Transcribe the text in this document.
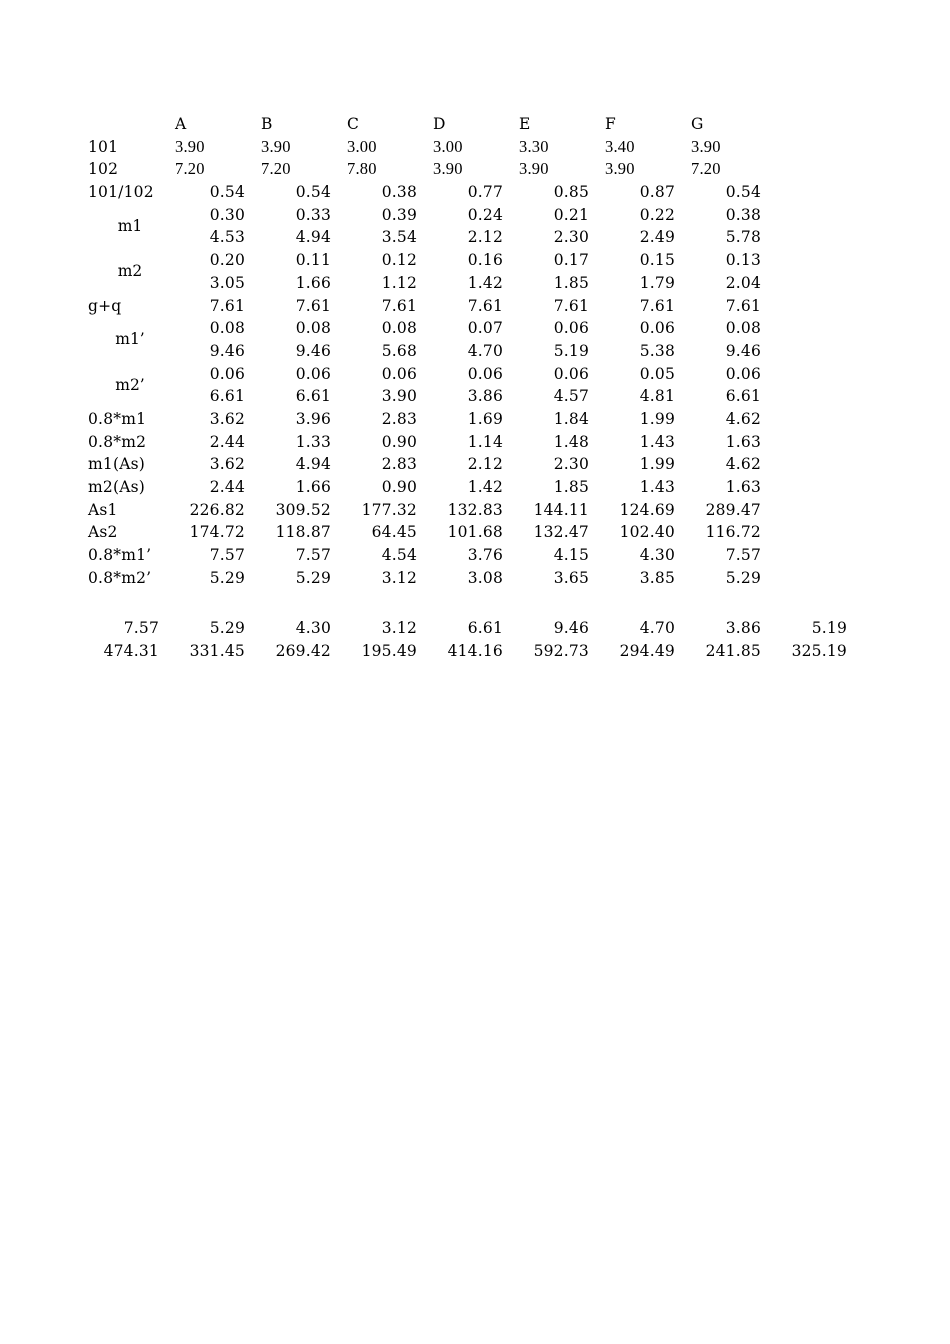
A	B	C	D	E	F	G
101	3.90	3.90	3.00	3.00	3.30	3.40	3.90
102	7.20	7.20	7.80	3.90	3.90	3.90	7.20
101/102	0.54	0.54	0.38	0.77	0.85	0.87	0.54
m1
0.30	0.33	0.39	0.24	0.21	0.22	0.38
4.53	4.94	3.54	2.12	2.30	2.49	5.78
m2
0.20	0.11	0.12	0.16	0.17	0.15	0.13
3.05	1.66	1.12	1.42	1.85	1.79	2.04
g+q	7.61	7.61	7.61	7.61	7.61	7.61	7.61
m1’
0.08	0.08	0.08	0.07	0.06	0.06	0.08
9.46	9.46	5.68	4.70	5.19	5.38	9.46
m2’
0.06	0.06	0.06	0.06	0.06	0.05	0.06
6.61	6.61	3.90	3.86	4.57	4.81	6.61
0.8*m1	3.62	3.96	2.83	1.69	1.84	1.99	4.62
0.8*m2	2.44	1.33	0.90	1.14	1.48	1.43	1.63
m1(As)	3.62	4.94	2.83	2.12	2.30	1.99	4.62
m2(As)	2.44	1.66	0.90	1.42	1.85	1.43	1.63
As1	226.82	309.52	177.32	132.83	144.11	124.69	289.47
As2	174.72	118.87	64.45	101.68	132.47	102.40	116.72
0.8*m1’	7.57	7.57	4.54	3.76	4.15	4.30	7.57
0.8*m2’	5.29	5.29	3.12	3.08	3.65	3.85	5.29
7.57	5.29	4.30	3.12	6.61	9.46	4.70	3.86	5.19
474.31	331.45	269.42	195.49	414.16	592.73	294.49	241.85	325.19
